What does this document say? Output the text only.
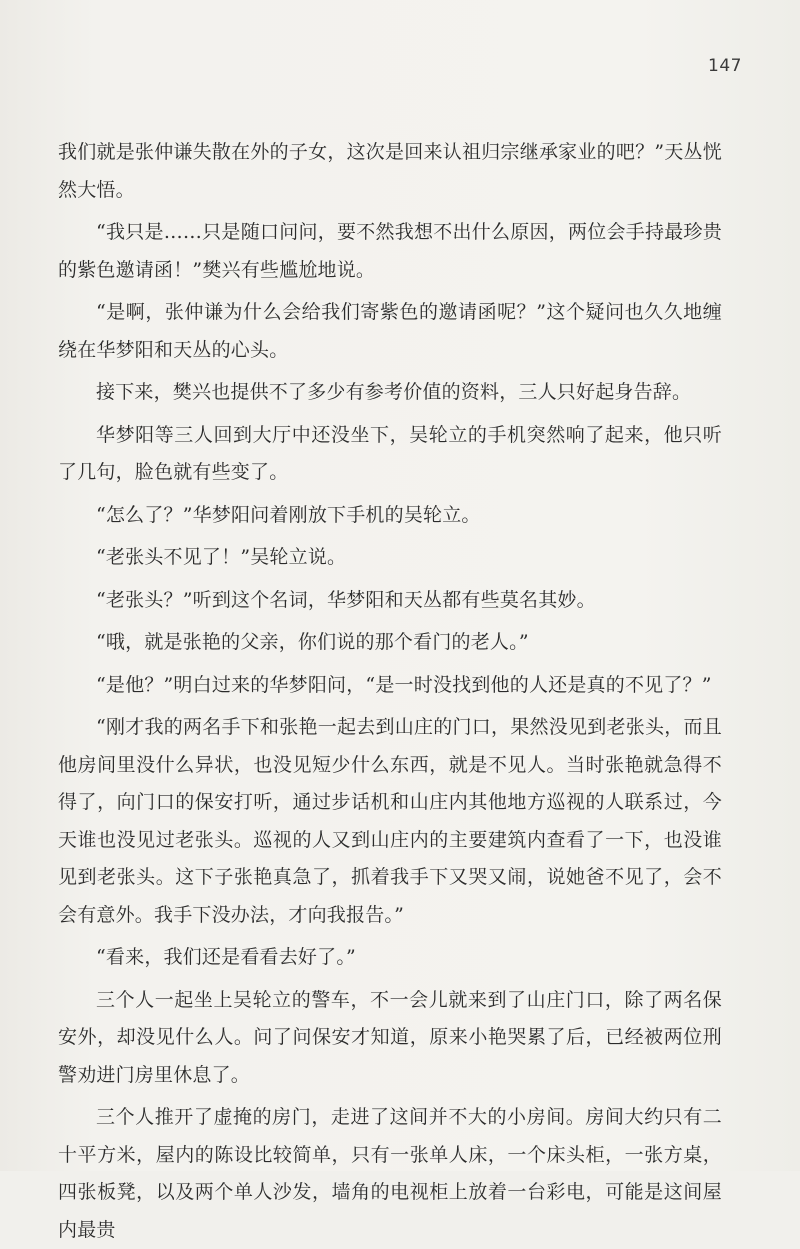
147

我们就是张仲谦失散在外的子女，这次是回来认祖归宗继承家业的吧？”天丛恍然大悟。

“我只是……只是随口问问，要不然我想不出什么原因，两位会手持最珍贵的紫色邀请函！”樊兴有些尴尬地说。

“是啊，张仲谦为什么会给我们寄紫色的邀请函呢？”这个疑问也久久地缠绕在华梦阳和天丛的心头。

接下来，樊兴也提供不了多少有参考价值的资料，三人只好起身告辞。

华梦阳等三人回到大厅中还没坐下，吴轮立的手机突然响了起来，他只听了几句，脸色就有些变了。

“怎么了？”华梦阳问着刚放下手机的吴轮立。

“老张头不见了！”吴轮立说。

“老张头？”听到这个名词，华梦阳和天丛都有些莫名其妙。

“哦，就是张艳的父亲，你们说的那个看门的老人。”

“是他？”明白过来的华梦阳问，“是一时没找到他的人还是真的不见了？”

“刚才我的两名手下和张艳一起去到山庄的门口，果然没见到老张头，而且他房间里没什么异状，也没见短少什么东西，就是不见人。当时张艳就急得不得了，向门口的保安打听，通过步话机和山庄内其他地方巡视的人联系过，今天谁也没见过老张头。巡视的人又到山庄内的主要建筑内查看了一下，也没谁见到老张头。这下子张艳真急了，抓着我手下又哭又闹，说她爸不见了，会不会有意外。我手下没办法，才向我报告。”

“看来，我们还是看看去好了。”

三个人一起坐上吴轮立的警车，不一会儿就来到了山庄门口，除了两名保安外，却没见什么人。问了问保安才知道，原来小艳哭累了后，已经被两位刑警劝进门房里休息了。

三个人推开了虚掩的房门，走进了这间并不大的小房间。房间大约只有二十平方米，屋内的陈设比较简单，只有一张单人床，一个床头柜，一张方桌，四张板凳，以及两个单人沙发，墙角的电视柜上放着一台彩电，可能是这间屋内最贵
